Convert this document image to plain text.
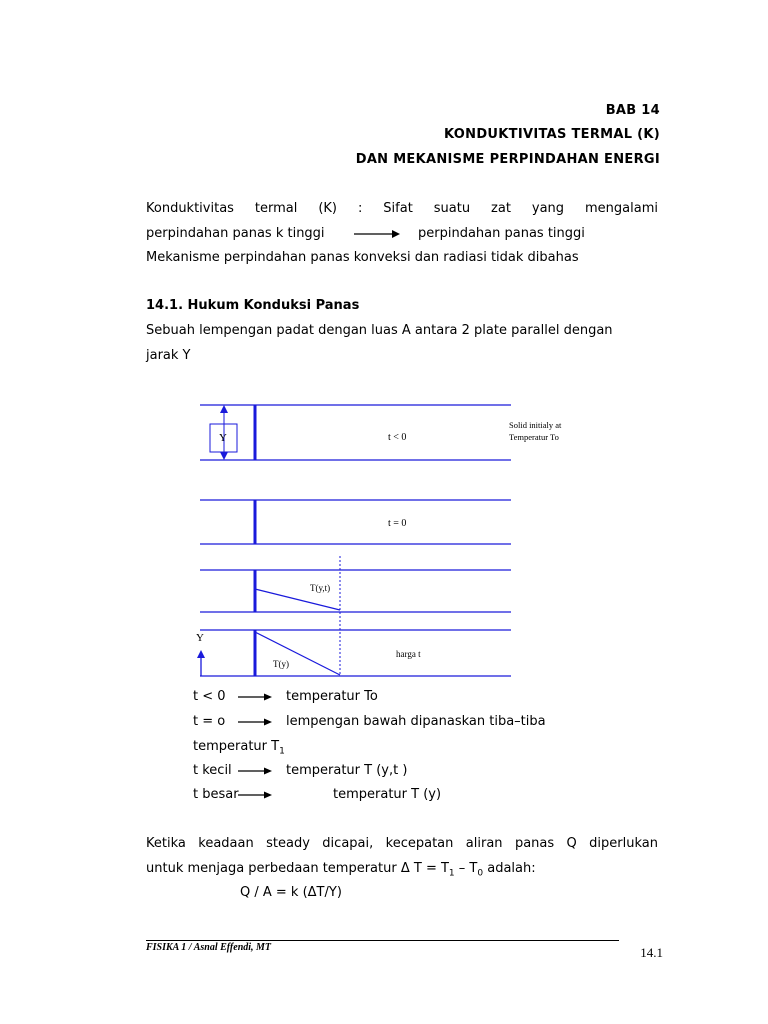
BAB 14
KONDUKTIVITAS TERMAL (K)
DAN MEKANISME PERPINDAHAN ENERGI
Konduktivitas termal (K) : Sifat suatu zat yang mengalami
perpindahan panas k tinggi	perpindahan panas tinggi
Mekanisme perpindahan panas konveksi dan radiasi tidak dibahas
14.1. Hukum Konduksi Panas
Sebuah lempengan padat dengan luas A antara 2 plate parallel dengan
jarak Y
Y	t < 0
Solid initialy at
Temperatur To
t = 0
T(y,t)
Y
T(y)
harga t
t < 0	temperatur To
t = o	lempengan bawah dipanaskan tiba–tiba
temperatur $T_1$
t kecil	temperatur T (y,t )
t besar	temperatur T (y)
Ketika keadaan steady dicapai, kecepatan aliran panas Q diperlukan
untuk menjaga perbedaan temperatur Δ $T = T_1 - T_0$ adalah:
Q / A = k (ΔT/Y)
FISIKA 1 / Asnal Effendi, MT	14.1
